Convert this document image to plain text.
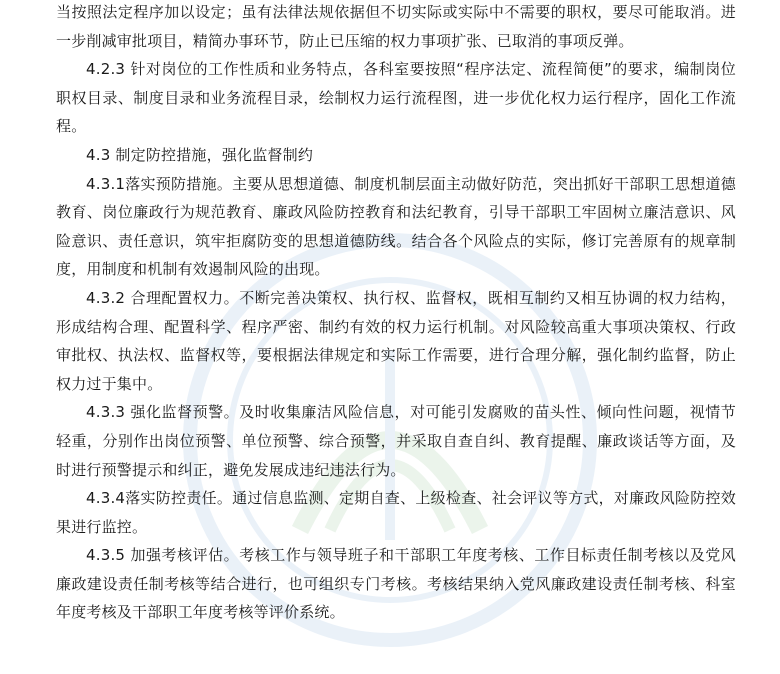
当按照法定程序加以设定；虽有法律法规依据但不切实际或实际中不需要的职权，要尽可能取消。进一步削减审批项目，精简办事环节，防止已压缩的权力事项扩张、已取消的事项反弹。

4.2.3 针对岗位的工作性质和业务特点，各科室要按照“程序法定、流程简便”的要求，编制岗位职权目录、制度目录和业务流程目录，绘制权力运行流程图，进一步优化权力运行程序，固化工作流程。

4.3 制定防控措施，强化监督制约

4.3.1落实预防措施。主要从思想道德、制度机制层面主动做好防范，突出抓好干部职工思想道德教育、岗位廉政行为规范教育、廉政风险防控教育和法纪教育，引导干部职工牢固树立廉洁意识、风险意识、责任意识，筑牢拒腐防变的思想道德防线。结合各个风险点的实际，修订完善原有的规章制度，用制度和机制有效遏制风险的出现。

4.3.2 合理配置权力。不断完善决策权、执行权、监督权，既相互制约又相互协调的权力结构，形成结构合理、配置科学、程序严密、制约有效的权力运行机制。对风险较高重大事项决策权、行政审批权、执法权、监督权等，要根据法律规定和实际工作需要，进行合理分解，强化制约监督，防止权力过于集中。

4.3.3 强化监督预警。及时收集廉洁风险信息，对可能引发腐败的苗头性、倾向性问题，视情节轻重，分别作出岗位预警、单位预警、综合预警，并采取自查自纠、教育提醒、廉政谈话等方面，及时进行预警提示和纠正，避免发展成违纪违法行为。

4.3.4落实防控责任。通过信息监测、定期自查、上级检查、社会评议等方式，对廉政风险防控效果进行监控。

4.3.5 加强考核评估。考核工作与领导班子和干部职工年度考核、工作目标责任制考核以及党风廉政建设责任制考核等结合进行，也可组织专门考核。考核结果纳入党风廉政建设责任制考核、科室年度考核及干部职工年度考核等评价系统。
